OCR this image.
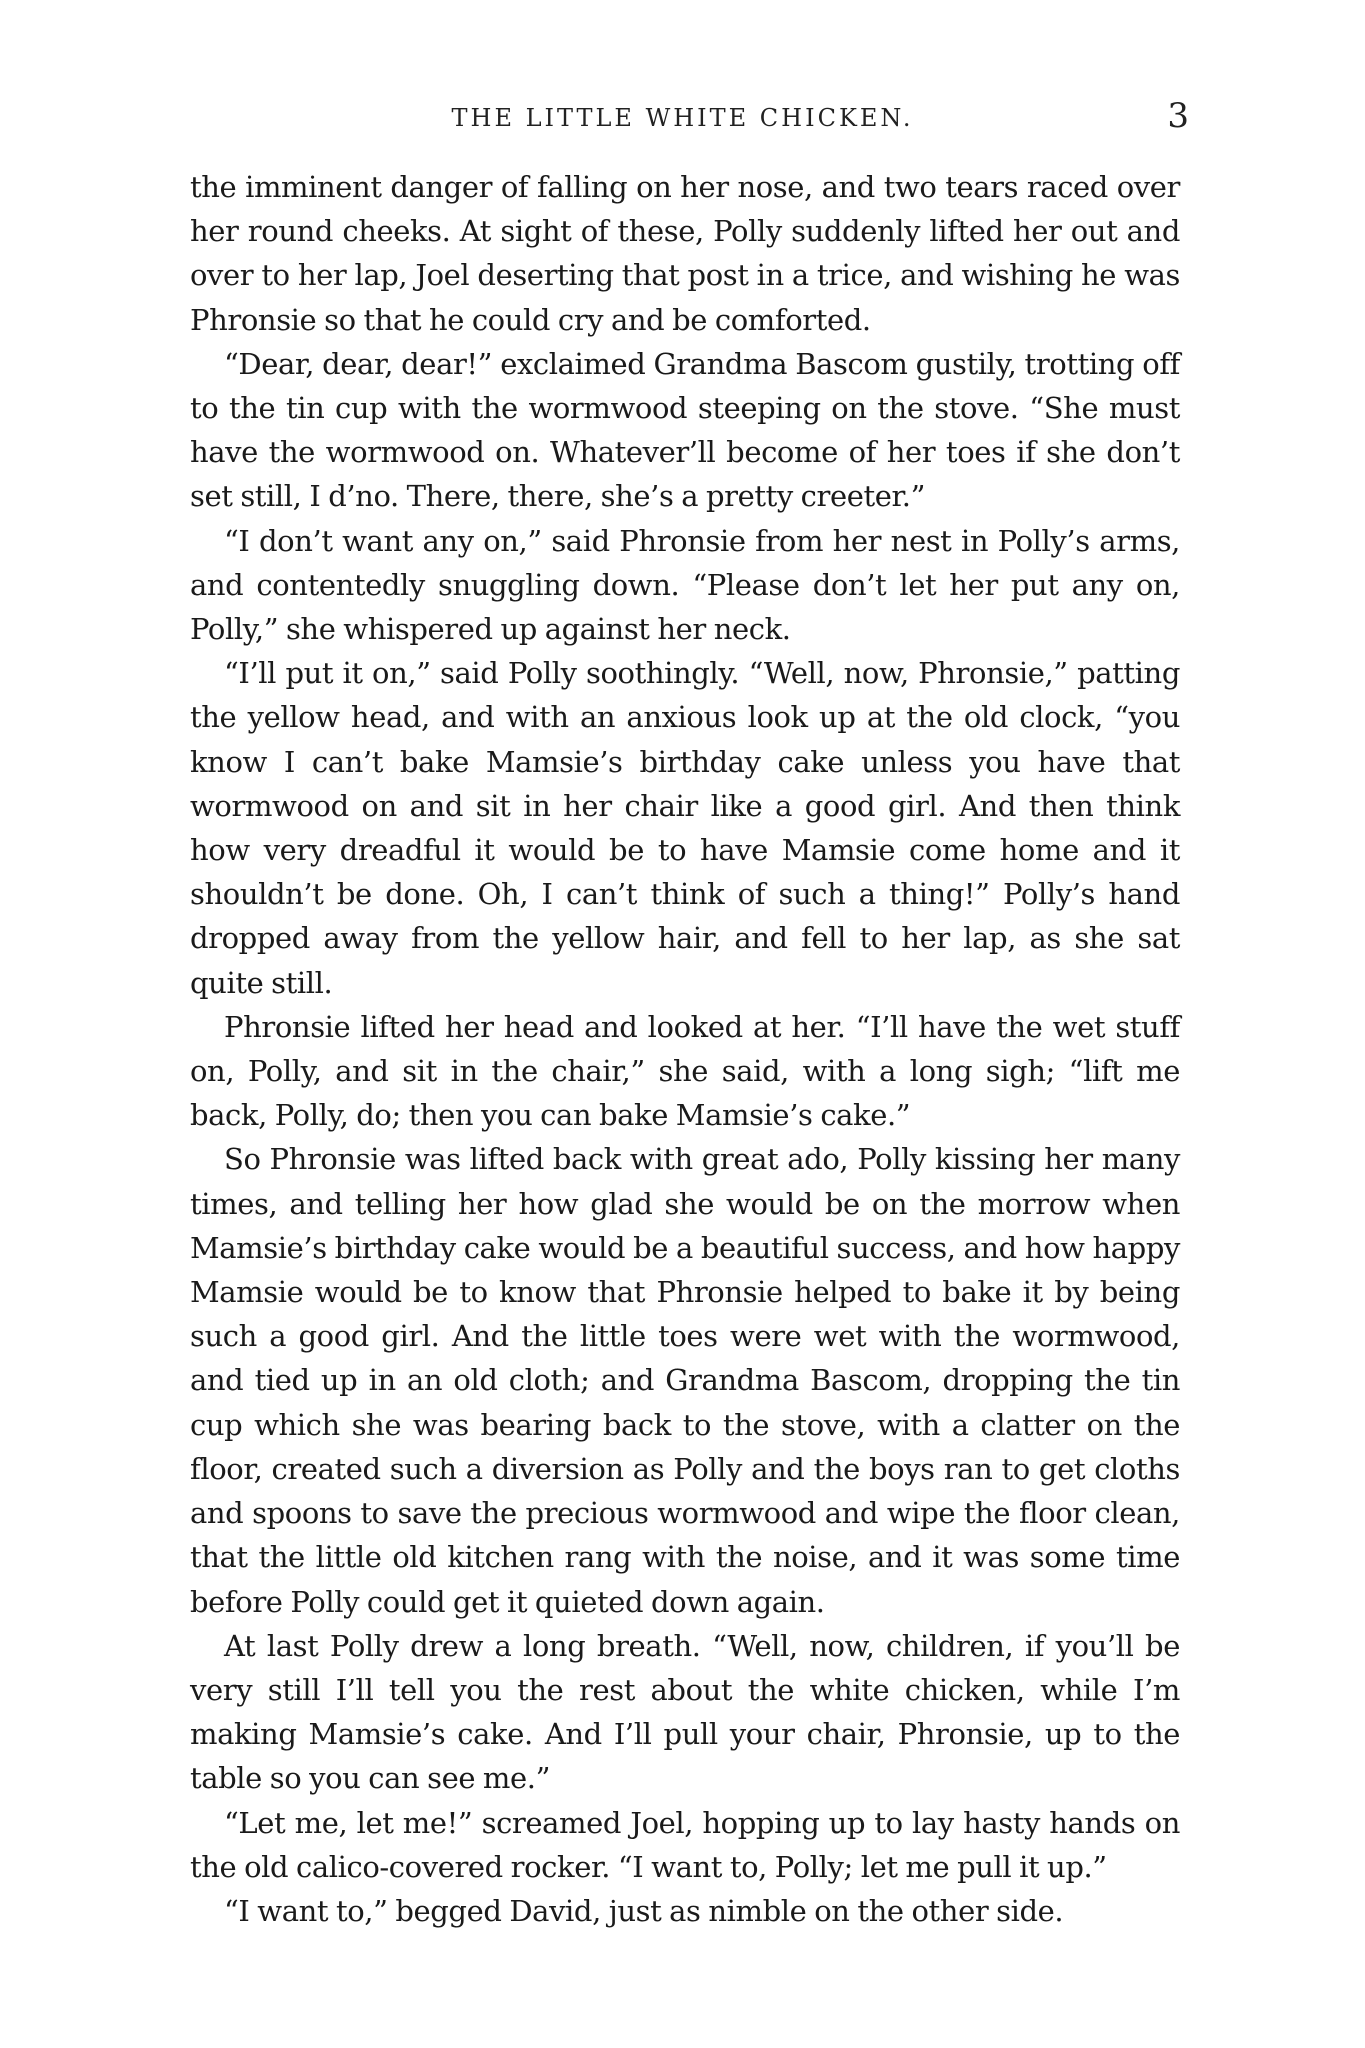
THE LITTLE WHITE CHICKEN.	3

the imminent danger of falling on her nose, and two tears raced over her round cheeks. At sight of these, Polly suddenly lifted her out and over to her lap, Joel deserting that post in a trice, and wishing he was Phronsie so that he could cry and be comforted.

“Dear, dear, dear!” exclaimed Grandma Bascom gustily, trotting off to the tin cup with the wormwood steeping on the stove. “She must have the wormwood on. Whatever’ll become of her toes if she don’t set still, I d’no. There, there, she’s a pretty creeter.”

“I don’t want any on,” said Phronsie from her nest in Polly’s arms, and contentedly snuggling down. “Please don’t let her put any on, Polly,” she whispered up against her neck.

“I’ll put it on,” said Polly soothingly. “Well, now, Phronsie,” patting the yellow head, and with an anxious look up at the old clock, “you know I can’t bake Mamsie’s birthday cake unless you have that wormwood on and sit in her chair like a good girl. And then think how very dreadful it would be to have Mamsie come home and it shouldn’t be done. Oh, I can’t think of such a thing!” Polly’s hand dropped away from the yellow hair, and fell to her lap, as she sat quite still.

Phronsie lifted her head and looked at her. “I’ll have the wet stuff on, Polly, and sit in the chair,” she said, with a long sigh; “lift me back, Polly, do; then you can bake Mamsie’s cake.”

So Phronsie was lifted back with great ado, Polly kissing her many times, and telling her how glad she would be on the morrow when Mamsie’s birthday cake would be a beautiful success, and how happy Mamsie would be to know that Phronsie helped to bake it by being such a good girl. And the little toes were wet with the wormwood, and tied up in an old cloth; and Grandma Bascom, dropping the tin cup which she was bearing back to the stove, with a clatter on the floor, created such a diversion as Polly and the boys ran to get cloths and spoons to save the precious wormwood and wipe the floor clean, that the little old kitchen rang with the noise, and it was some time before Polly could get it quieted down again.

At last Polly drew a long breath. “Well, now, children, if you’ll be very still I’ll tell you the rest about the white chicken, while I’m making Mamsie’s cake. And I’ll pull your chair, Phronsie, up to the table so you can see me.”

“Let me, let me!” screamed Joel, hopping up to lay hasty hands on the old calico-covered rocker. “I want to, Polly; let me pull it up.”

“I want to,” begged David, just as nimble on the other side.
